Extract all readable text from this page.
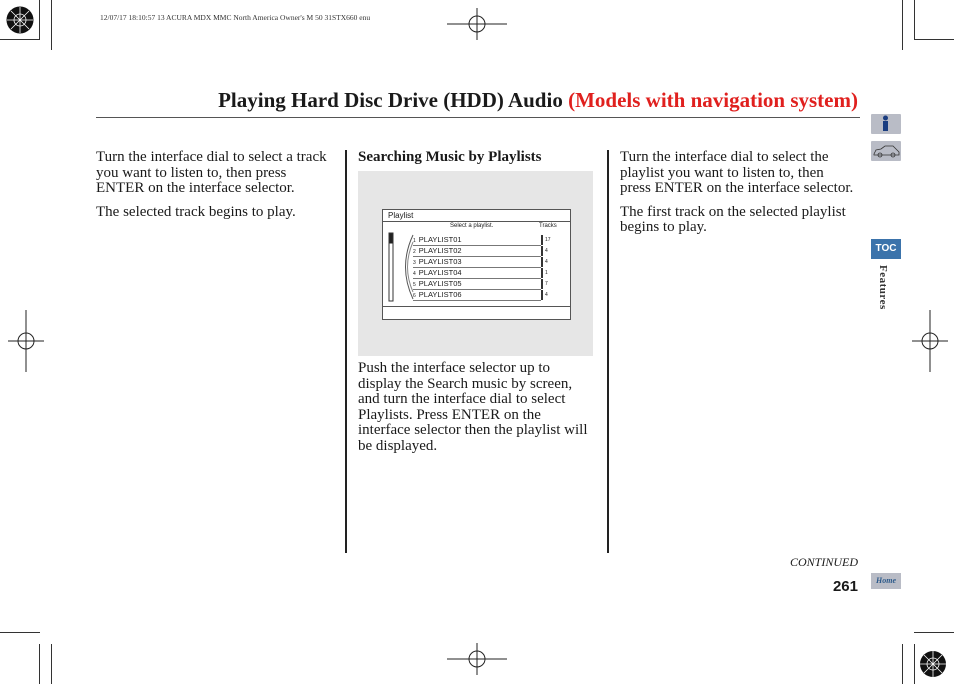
12/07/17 18:10:57 13 ACURA MDX MMC North America Owner's M 50 31STX660 enu
Playing Hard Disc Drive (HDD) Audio (Models with navigation system)

Turn the interface dial to select a track you want to listen to, then press ENTER on the interface selector.

The selected track begins to play.

Searching Music by Playlists
Playlist
Select a playlist.	Tracks
1 PLAYLIST01	17
2 PLAYLIST02	4
3 PLAYLIST03	4
4 PLAYLIST04	1
5 PLAYLIST05	7
6 PLAYLIST06	4
Push the interface selector up to display the Search music by screen, and turn the interface dial to select Playlists. Press ENTER on the interface selector then the playlist will be displayed.

Turn the interface dial to select the playlist you want to listen to, then press ENTER on the interface selector.

The first track on the selected playlist begins to play.

TOC
Features
CONTINUED
261	Home
